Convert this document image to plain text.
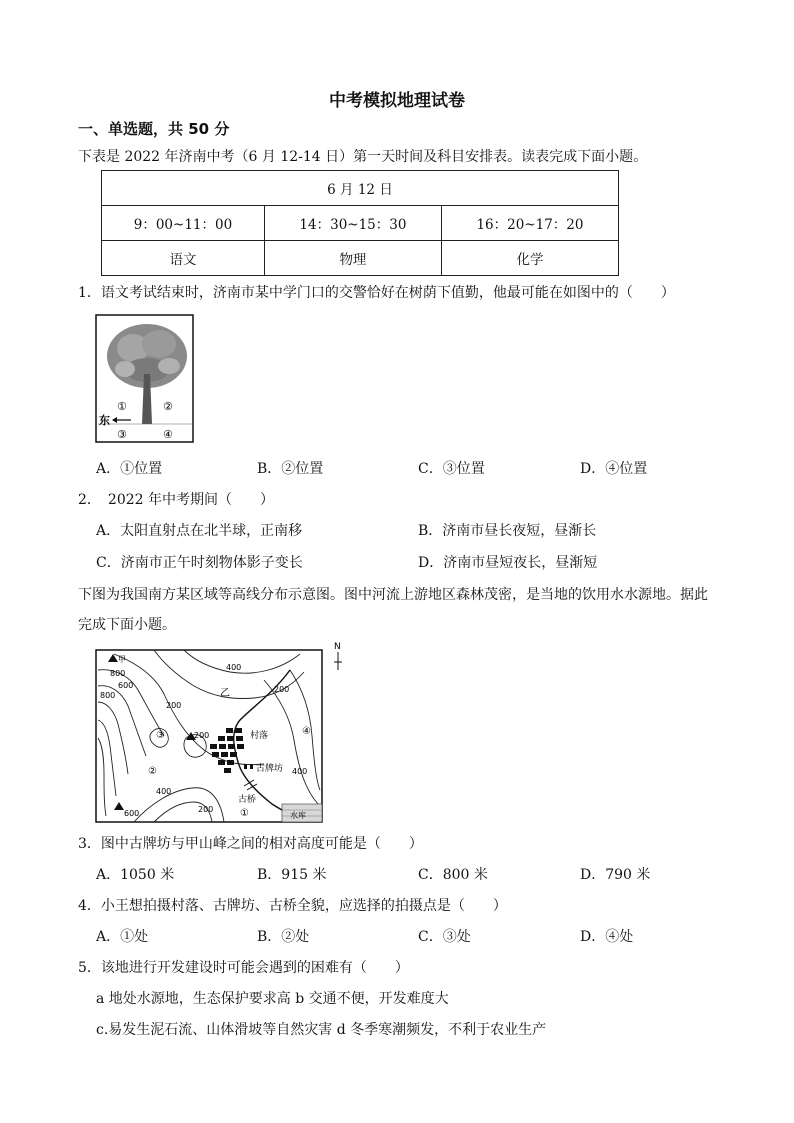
中考模拟地理试卷
一、单选题，共 50 分
下表是 2022 年济南中考（6 月 12-14 日）第一天时间及科目安排表。读表完成下面小题。
6 月 12 日		
9：00~11：00	14：30~15：30	16：20~17：20
语文	物理	化学
1．语文考试结束时，济南市某中学门口的交警恰好在树荫下值勤，他最可能在如图中的（　　）
①	②
③	④
东
A．①位置	B．②位置	C．③位置	D．④位置
2．　2022 年中考期间（　　）
A．太阳直射点在北半球，正南移	B．济南市昼长夜短，昼渐长
C．济南市正午时刻物体影子变长	D．济南市昼短夜长，昼渐短
下图为我国南方某区域等高线分布示意图。图中河流上游地区森林茂密，是当地的饮用水水源地。据此
完成下面小题。
N
水库
村落
古牌坊
古桥
甲
800
400
200
600
800
200
200
400
600	200
400
乙
①
②
③	④
3．图中古牌坊与甲山峰之间的相对高度可能是（　　）
A．1050 米	B．915 米	C．800 米	D．790 米
4．小王想拍摄村落、古牌坊、古桥全貌，应选择的拍摄点是（　　）
A．①处	B．②处	C．③处	D．④处
5．该地进行开发建设时可能会遇到的困难有（　　）
a 地处水源地，生态保护要求高 b 交通不便，开发难度大
c.易发生泥石流、山体滑坡等自然灾害 d 冬季寒潮频发，不利于农业生产
